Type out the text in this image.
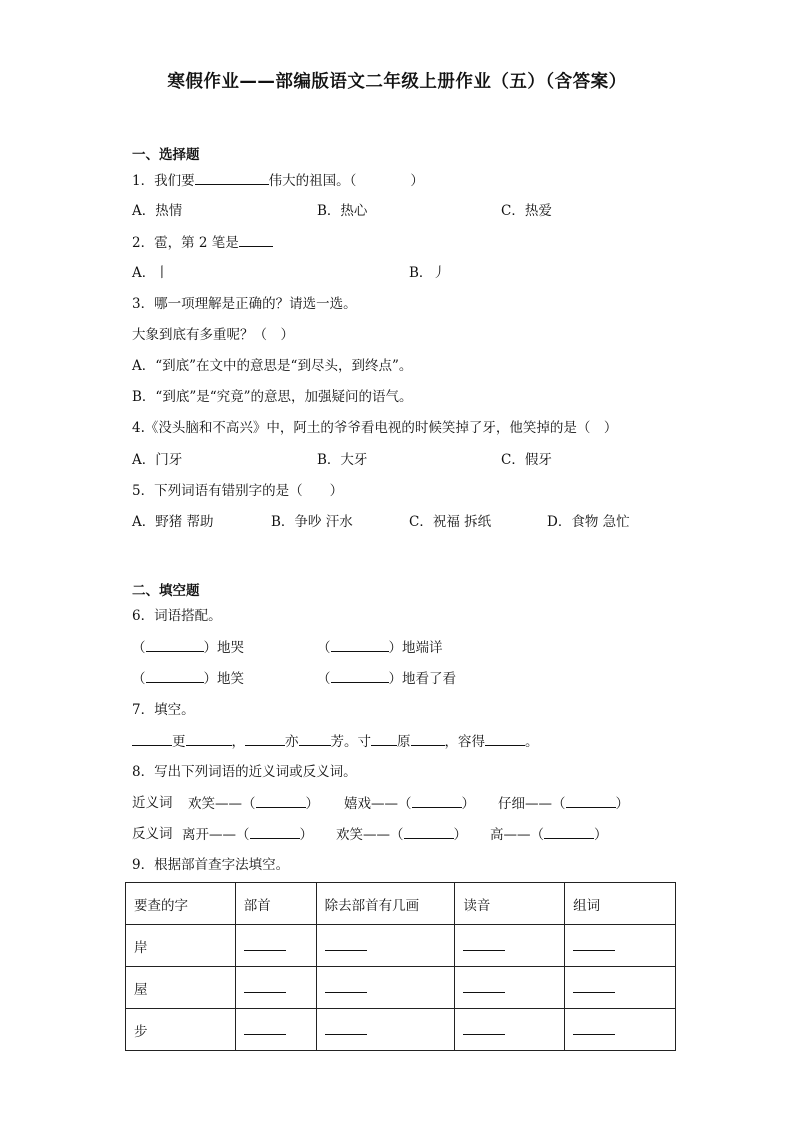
寒假作业——部编版语文二年级上册作业（五）（含答案）
一、选择题
1．我们要	伟大的祖国。（　　　　）
A．热情	B．热心	C．热爱
2．雹，第 2 笔是
A．丨	B．丿
3．哪一项理解是正确的？请选一选。
大象到底有多重呢？（　）
A．“到底”在文中的意思是“到尽头，到终点”。
B．“到底”是“究竟”的意思，加强疑问的语气。
4.《没头脑和不高兴》中，阿土的爷爷看电视的时候笑掉了牙，他笑掉的是（　）
A．门牙	B．大牙	C．假牙
5．下列词语有错别字的是（　　）
A．野猪 帮助	B．争吵 汗水	C．祝福 拆纸	D．食物 急忙
二、填空题
6．词语搭配。
（	）地哭	（	）地端详
（	）地笑	（	）地看了看
7．填空。
更	，	亦 芳。寸 原	，容得	。
8．写出下列词语的近义词或反义词。
近义词 欢笑——（	） 嬉戏——（	） 仔细——（	）
反义词 离开——（	） 欢笑——（	） 高——（	）
9．根据部首查字法填空。
要查的字	部首	除去部首有几画	读音	组词
岸				
屋				
步				
